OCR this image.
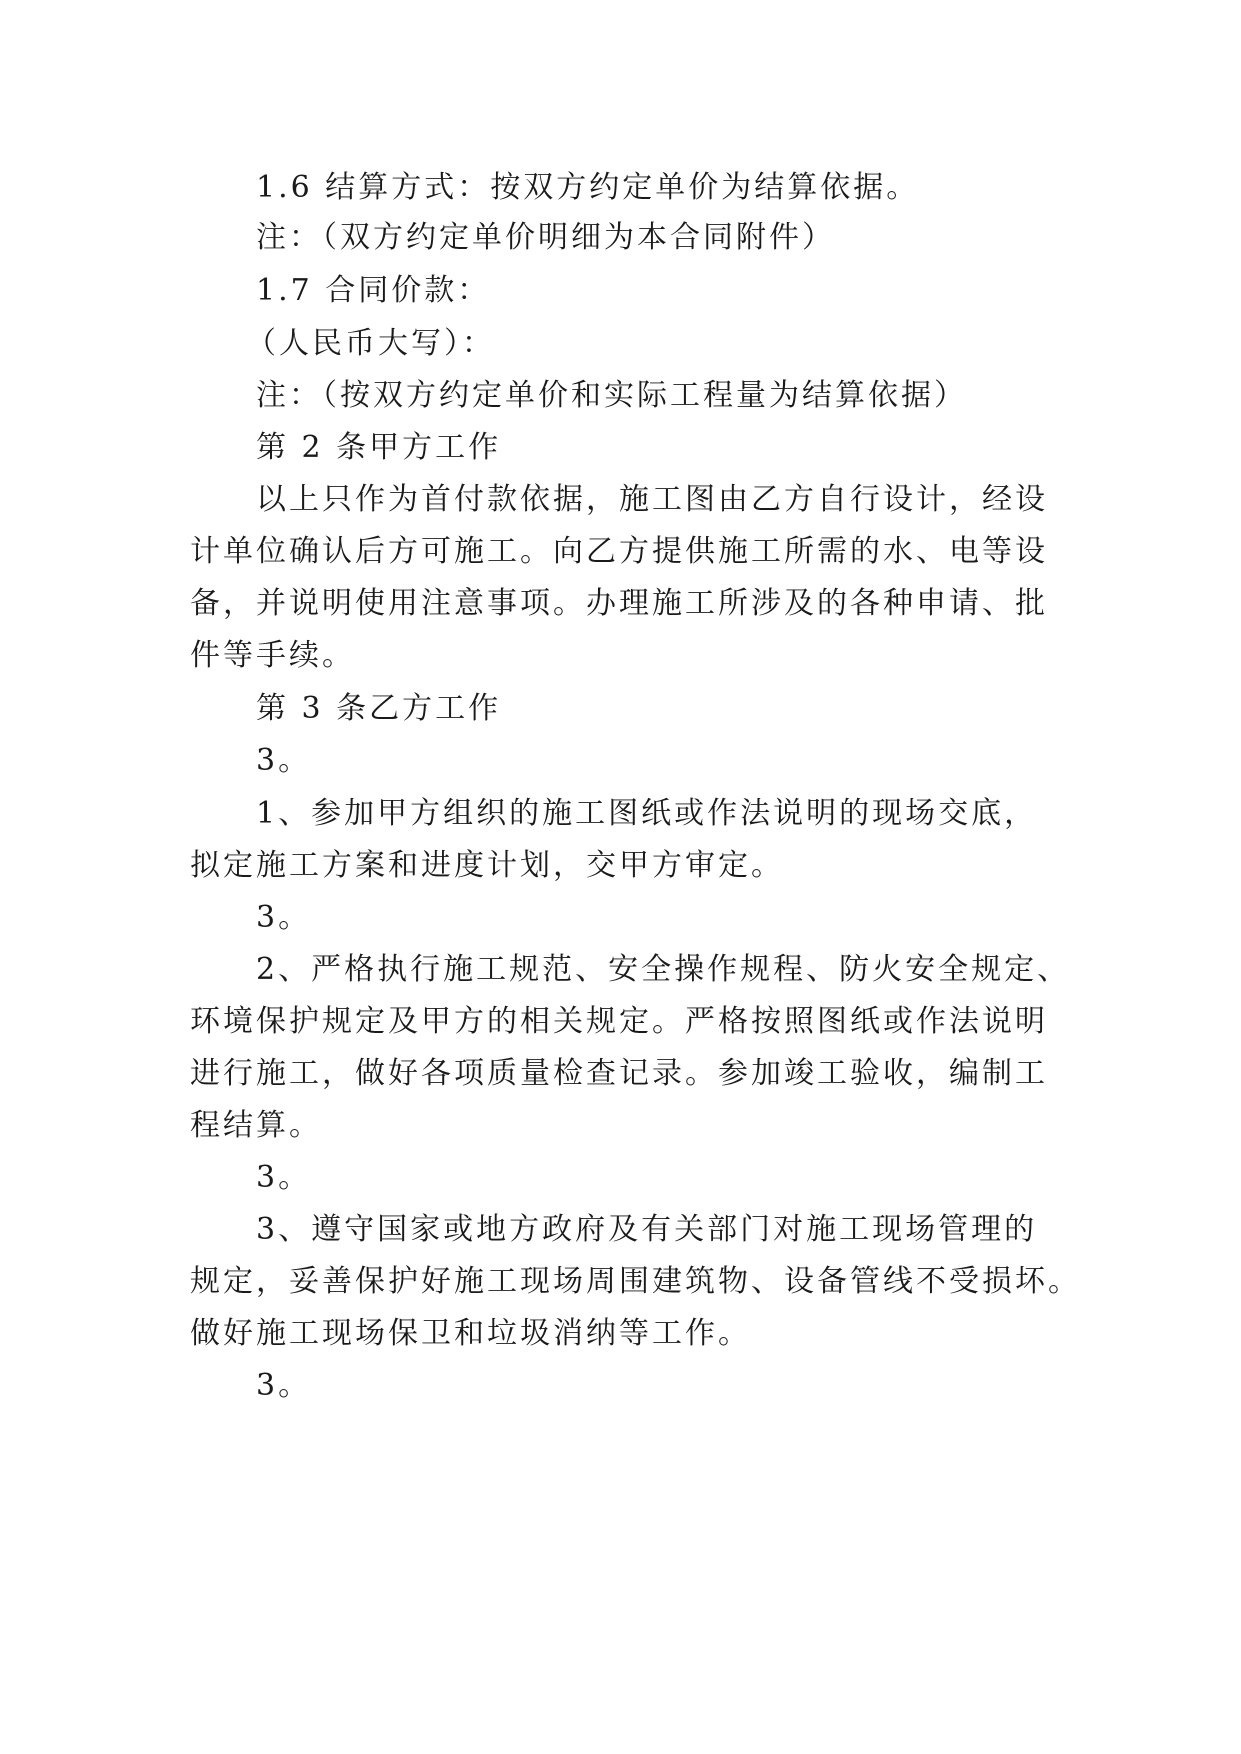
1.6 结算方式：按双方约定单价为结算依据。
注：（双方约定单价明细为本合同附件）
1.7 合同价款：
（人民币大写）：
注：（按双方约定单价和实际工程量为结算依据）
第 2 条甲方工作
以上只作为首付款依据，施工图由乙方自行设计，经设
计单位确认后方可施工。向乙方提供施工所需的水、电等设
备，并说明使用注意事项。办理施工所涉及的各种申请、批
件等手续。
第 3 条乙方工作
3。
1、参加甲方组织的施工图纸或作法说明的现场交底，
拟定施工方案和进度计划，交甲方审定。
3。
2、严格执行施工规范、安全操作规程、防火安全规定、
环境保护规定及甲方的相关规定。严格按照图纸或作法说明
进行施工，做好各项质量检查记录。参加竣工验收，编制工
程结算。
3。
3、遵守国家或地方政府及有关部门对施工现场管理的
规定，妥善保护好施工现场周围建筑物、设备管线不受损坏。
做好施工现场保卫和垃圾消纳等工作。
3。
